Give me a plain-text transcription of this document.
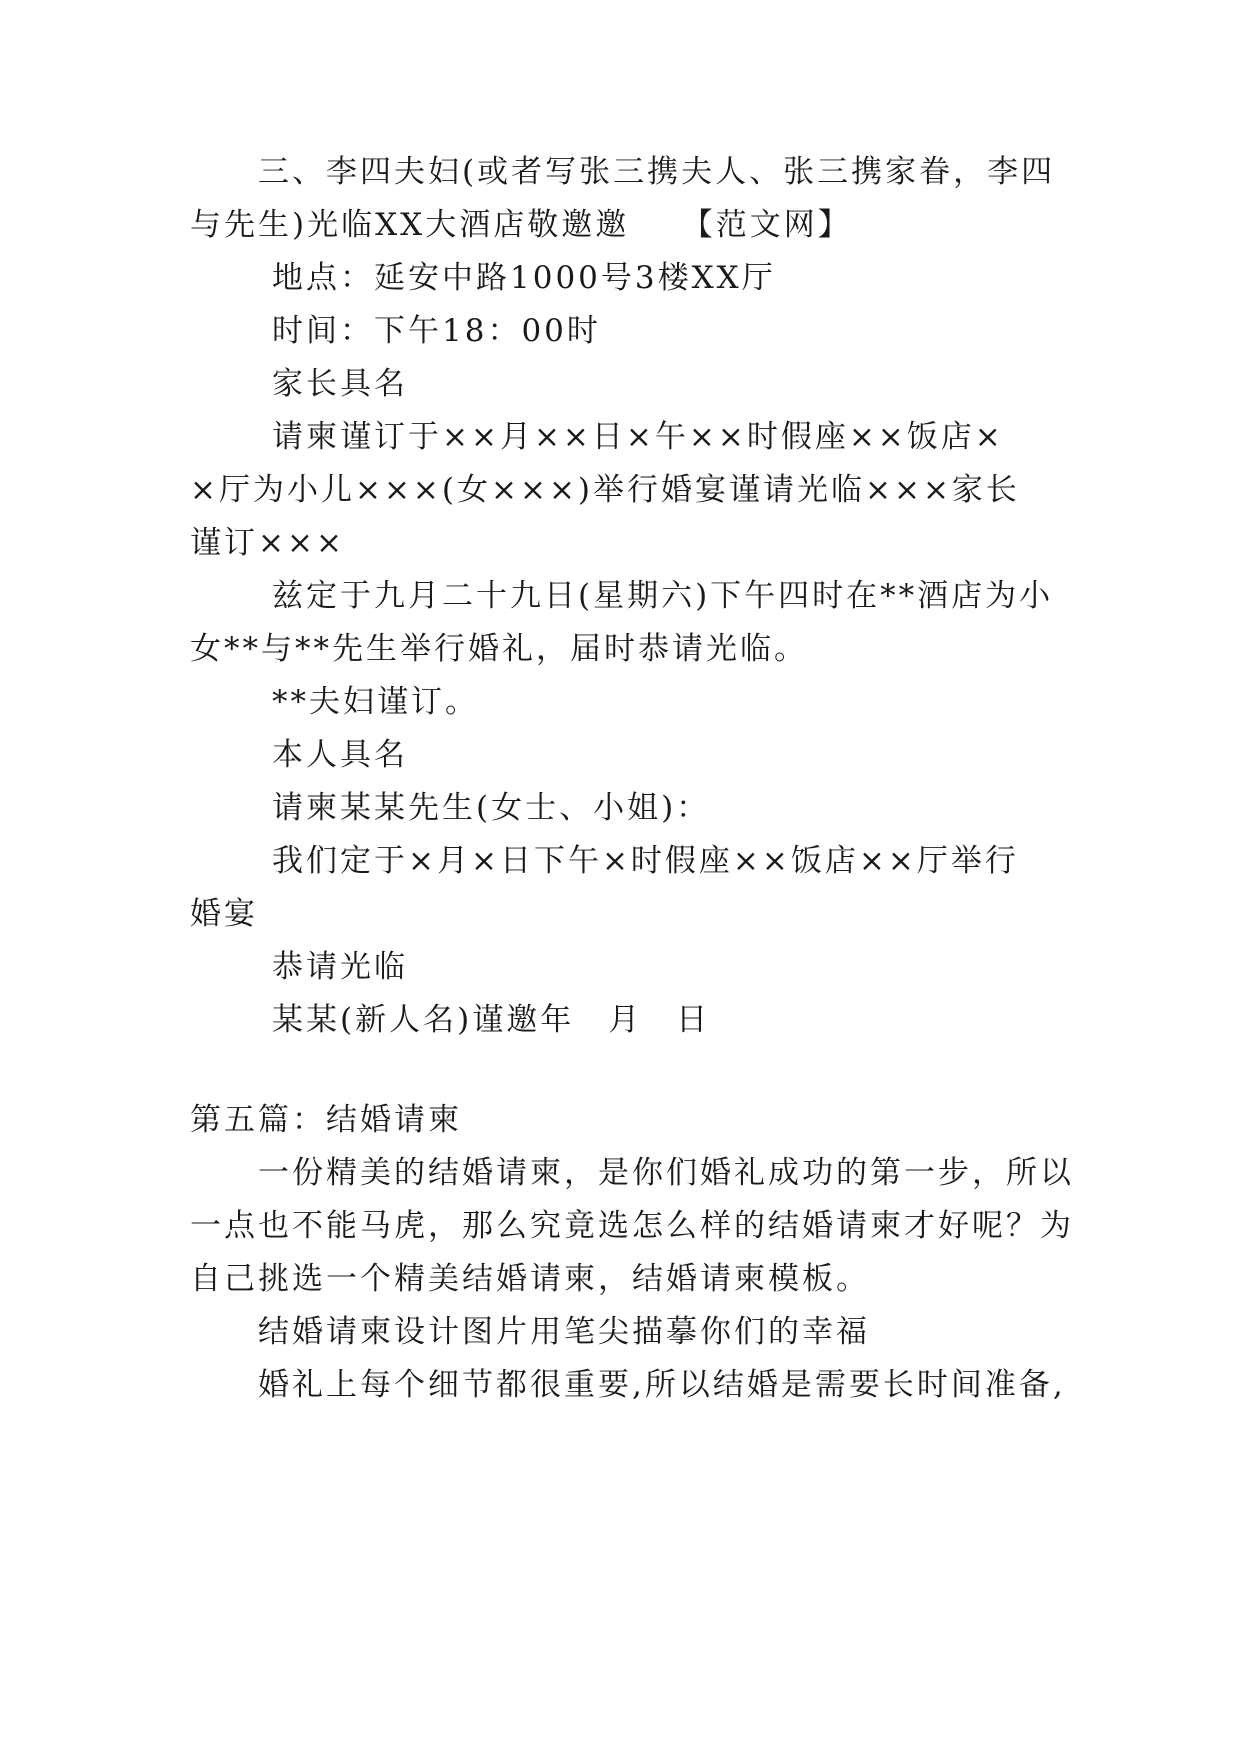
三、李四夫妇(或者写张三携夫人、张三携家眷，李四
与先生)光临XX大酒店敬邀邀　　【范文网】
地点：延安中路1000号3楼XX厅
时间：下午18：00时
家长具名
请柬谨订于××月××日×午××时假座××饭店×
×厅为小儿×××(女×××)举行婚宴谨请光临×××家长
谨订×××
兹定于九月二十九日(星期六)下午四时在**酒店为小
女**与**先生举行婚礼，届时恭请光临。
**夫妇谨订。
本人具名
请柬某某先生(女士、小姐)：
我们定于×月×日下午×时假座××饭店××厅举行
婚宴
恭请光临
某某(新人名)谨邀年　月　日
第五篇：结婚请柬
一份精美的结婚请柬，是你们婚礼成功的第一步，所以
一点也不能马虎，那么究竟选怎么样的结婚请柬才好呢？为
自己挑选一个精美结婚请柬，结婚请柬模板。
结婚请柬设计图片用笔尖描摹你们的幸福
婚礼上每个细节都很重要,所以结婚是需要长时间准备,
